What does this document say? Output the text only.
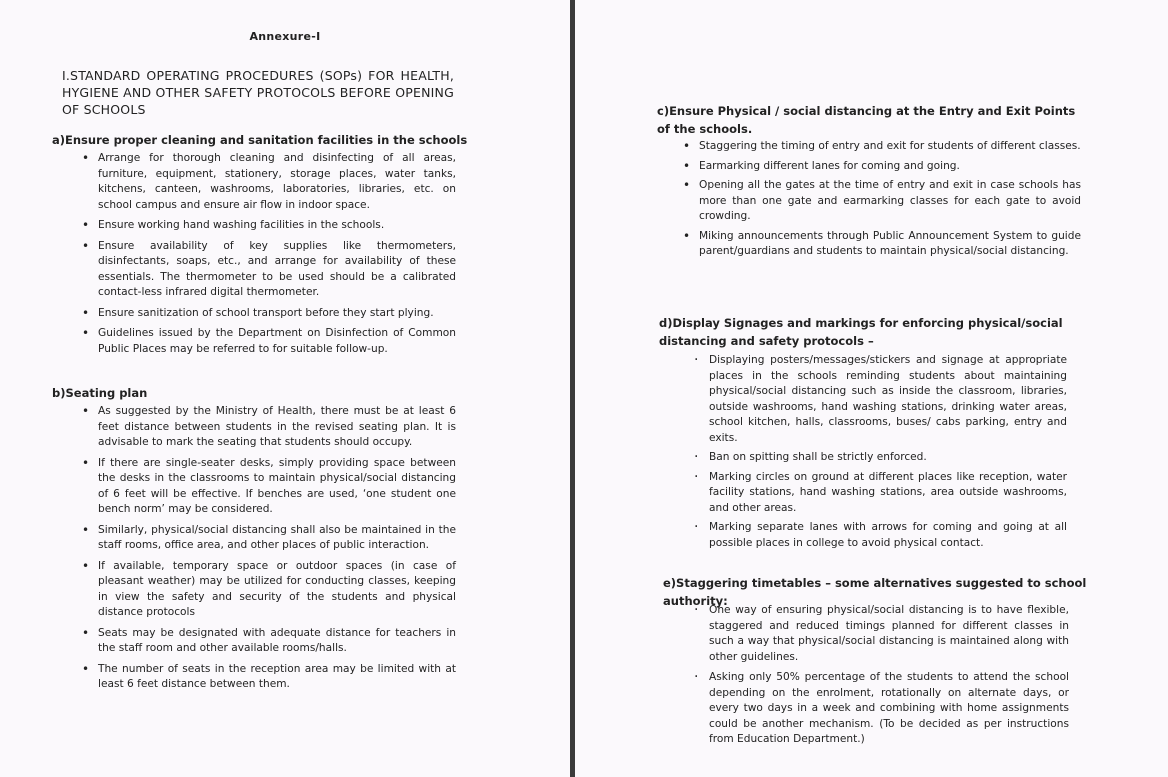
Annexure-I

I.STANDARD OPERATING PROCEDURES (SOPs) FOR HEALTH, HYGIENE AND OTHER SAFETY PROTOCOLS BEFORE OPENING OF SCHOOLS

a)Ensure proper cleaning and sanitation facilities in the schools
• Arrange for thorough cleaning and disinfecting of all areas, furniture, equipment, stationery, storage places, water tanks, kitchens, canteen, washrooms, laboratories, libraries, etc. on school campus and ensure air flow in indoor space.
• Ensure working hand washing facilities in the schools.
• Ensure availability of key supplies like thermometers, disinfectants, soaps, etc., and arrange for availability of these essentials. The thermometer to be used should be a calibrated contact-less infrared digital thermometer.
• Ensure sanitization of school transport before they start plying.
• Guidelines issued by the Department on Disinfection of Common Public Places may be referred to for suitable follow-up.
b)Seating plan
• As suggested by the Ministry of Health, there must be at least 6 feet distance between students in the revised seating plan. It is advisable to mark the seating that students should occupy.
• If there are single-seater desks, simply providing space between the desks in the classrooms to maintain physical/social distancing of 6 feet will be effective. If benches are used, ‘one student one bench norm’ may be considered.
• Similarly, physical/social distancing shall also be maintained in the staff rooms, office area, and other places of public interaction.
• If available, temporary space or outdoor spaces (in case of pleasant weather) may be utilized for conducting classes, keeping in view the safety and security of the students and physical distance protocols
• Seats may be designated with adequate distance for teachers in the staff room and other available rooms/halls.
• The number of seats in the reception area may be limited with at least 6 feet distance between them.
c)Ensure Physical / social distancing at the Entry and Exit Points of the schools.
• Staggering the timing of entry and exit for students of different classes.
• Earmarking different lanes for coming and going.
• Opening all the gates at the time of entry and exit in case schools has more than one gate and earmarking classes for each gate to avoid crowding.
• Miking announcements through Public Announcement System to guide parent/guardians and students to maintain physical/social distancing.
d)Display Signages and markings for enforcing physical/social distancing and safety protocols –
· Displaying posters/messages/stickers and signage at appropriate places in the schools reminding students about maintaining physical/social distancing such as inside the classroom, libraries, outside washrooms, hand washing stations, drinking water areas, school kitchen, halls, classrooms, buses/ cabs parking, entry and exits.
· Ban on spitting shall be strictly enforced.
· Marking circles on ground at different places like reception, water facility stations, hand washing stations, area outside washrooms, and other areas.
· Marking separate lanes with arrows for coming and going at all possible places in college to avoid physical contact.
e)Staggering timetables – some alternatives suggested to school authority:
· One way of ensuring physical/social distancing is to have flexible, staggered and reduced timings planned for different classes in such a way that physical/social distancing is maintained along with other guidelines.
· Asking only 50% percentage of the students to attend the school depending on the enrolment, rotationally on alternate days, or every two days in a week and combining with home assignments could be another mechanism. (To be decided as per instructions from Education Department.)
